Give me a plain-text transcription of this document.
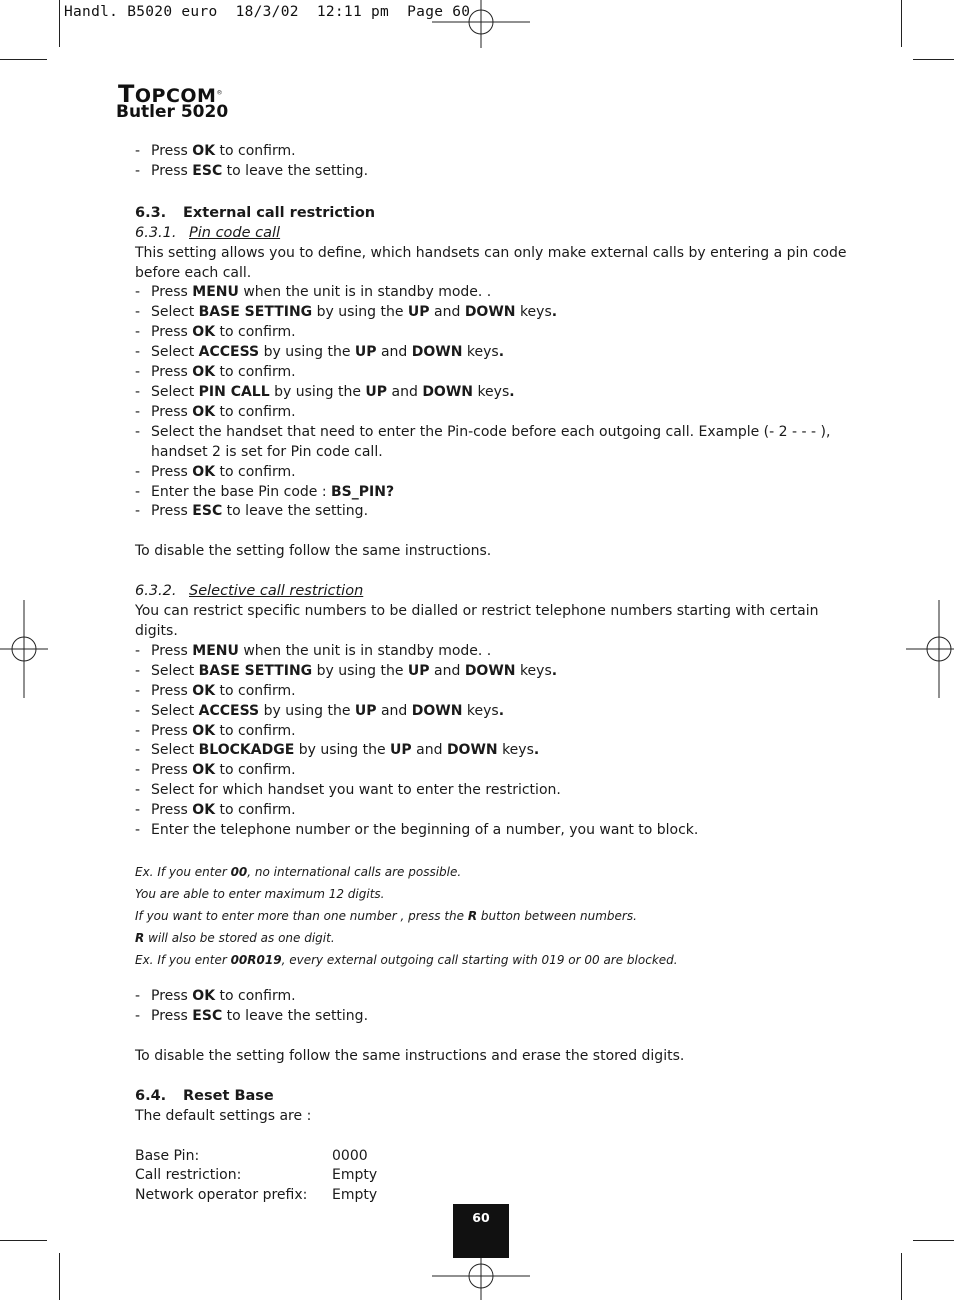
Handl. B5020 euro  18/3/02  12:11 pm  Page 60
TOPCOM®
Butler 5020
- Press OK to confirm.
- Press ESC to leave the setting.

6.3. External call restriction

6.3.1. Pin code call

This setting allows you to define, which handsets can only make external calls by entering a pin code before each call.

- Press MENU when the unit is in standby mode. .
- Select BASE SETTING by using the UP and DOWN keys.
- Press OK to confirm.
- Select ACCESS by using the UP and DOWN keys.
- Press OK to confirm.
- Select PIN CALL by using the UP and DOWN keys.
- Press OK to confirm.
- Select the handset that need to enter the Pin-code before each outgoing call. Example (- 2 - - - ), handset 2 is set for Pin code call.
- Press OK to confirm.
- Enter the base Pin code : BS_PIN?
- Press ESC to leave the setting.

To disable the setting follow the same instructions.

6.3.2. Selective call restriction

You can restrict specific numbers to be dialled or restrict telephone numbers starting with certain digits.

- Press MENU when the unit is in standby mode. .
- Select BASE SETTING by using the UP and DOWN keys.
- Press OK to confirm.
- Select ACCESS by using the UP and DOWN keys.
- Press OK to confirm.
- Select BLOCKADGE by using the UP and DOWN keys.
- Press OK to confirm.
- Select for which handset you want to enter the restriction.
- Press OK to confirm.
- Enter the telephone number or the beginning of a number, you want to block.

Ex. If you enter 00, no international calls are possible.

You are able to enter maximum 12 digits.

If you want to enter more than one number , press the R button between numbers.

R will also be stored as one digit.

Ex. If you enter 00R019, every external outgoing call starting with 019 or 00 are blocked.

- Press OK to confirm.
- Press ESC to leave the setting.

To disable the setting follow the same instructions and erase the stored digits.

6.4. Reset Base

The default settings are :

Base Pin:	0000
Call restriction:	Empty
Network operator prefix:	Empty
60
